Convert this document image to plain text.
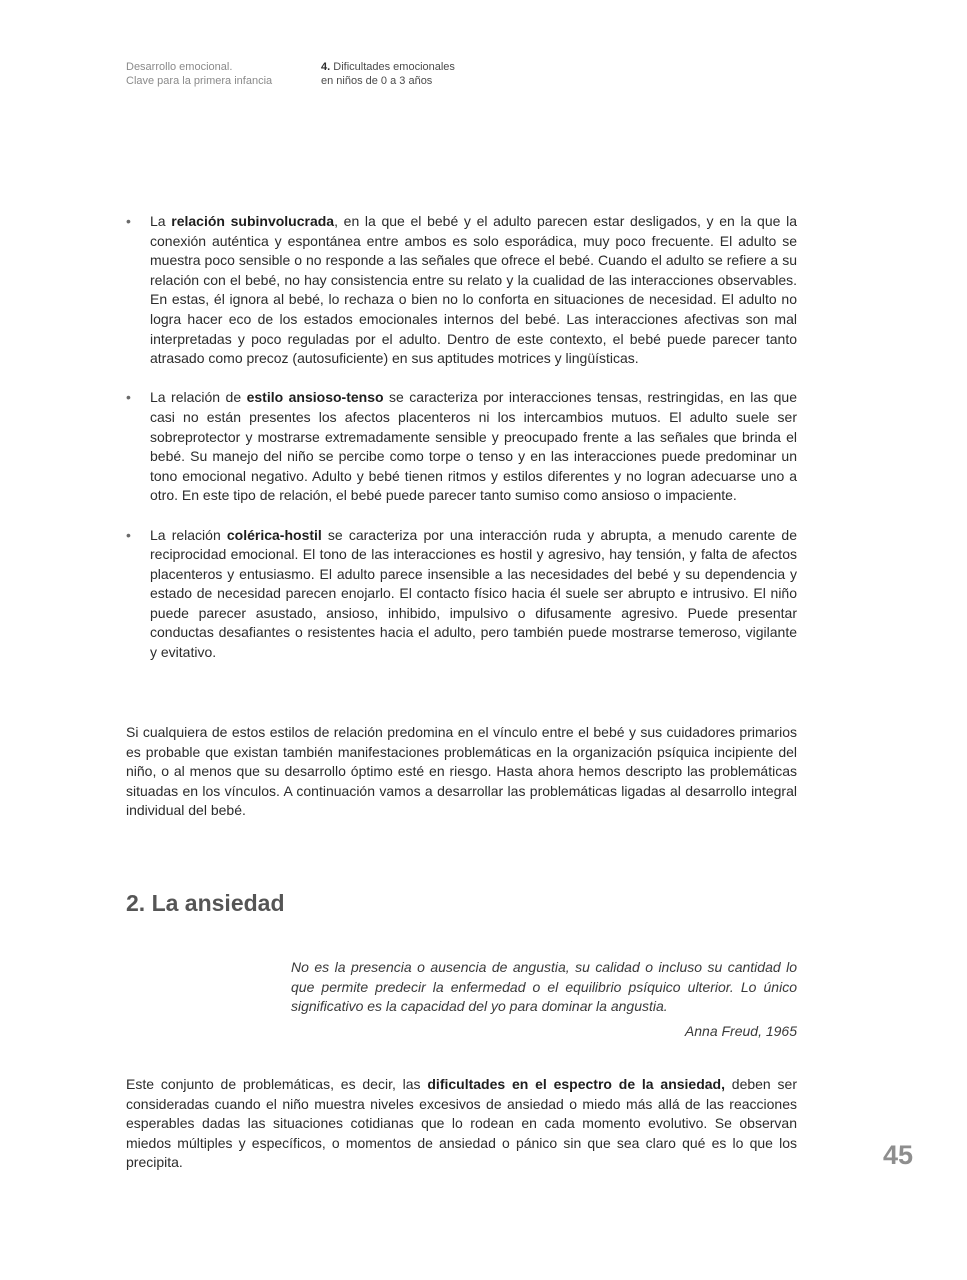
Desarrollo emocional.
Clave para la primera infancia
4. Dificultades emocionales
en niños de 0 a 3 años
• La relación subinvolucrada, en la que el bebé y el adulto parecen estar desligados, y en la que la conexión auténtica y espontánea entre ambos es solo esporádica, muy poco frecuente. El adulto se muestra poco sensible o no responde a las señales que ofrece el bebé. Cuando el adulto se refiere a su relación con el bebé, no hay consistencia entre su relato y la cualidad de las interacciones observables. En estas, él ignora al bebé, lo rechaza o bien no lo conforta en situaciones de necesidad. El adulto no logra hacer eco de los estados emocionales internos del bebé. Las interacciones afectivas son mal interpretadas y poco reguladas por el adulto. Dentro de este contexto, el bebé puede parecer tanto atrasado como precoz (autosuficiente) en sus aptitudes motrices y lingüísticas.
• La relación de estilo ansioso-tenso se caracteriza por interacciones tensas, restringidas, en las que casi no están presentes los afectos placenteros ni los intercambios mutuos. El adulto suele ser sobreprotector y mostrarse extremadamente sensible y preocupado frente a las señales que brinda el bebé. Su manejo del niño se percibe como torpe o tenso y en las interacciones puede predominar un tono emocional negativo. Adulto y bebé tienen ritmos y estilos diferentes y no logran adecuarse uno a otro. En este tipo de relación, el bebé puede parecer tanto sumiso como ansioso o impaciente.
• La relación colérica-hostil se caracteriza por una interacción ruda y abrupta, a menudo carente de reciprocidad emocional. El tono de las interacciones es hostil y agresivo, hay tensión, y falta de afectos placenteros y entusiasmo. El adulto parece insensible a las necesidades del bebé y su dependencia y estado de necesidad parecen enojarlo. El contacto físico hacia él suele ser abrupto e intrusivo. El niño puede parecer asustado, ansioso, inhibido, impulsivo o difusamente agresivo. Puede presentar conductas desafiantes o resistentes hacia el adulto, pero también puede mostrarse temeroso, vigilante y evitativo.

Si cualquiera de estos estilos de relación predomina en el vínculo entre el bebé y sus cuidadores primarios es probable que existan también manifestaciones problemáticas en la organización psíquica incipiente del niño, o al menos que su desarrollo óptimo esté en riesgo. Hasta ahora hemos descripto las problemáticas situadas en los vínculos. A continuación vamos a desarrollar las problemáticas ligadas al desarrollo integral individual del bebé.

2. La ansiedad
No es la presencia o ausencia de angustia, su calidad o incluso su cantidad lo que permite predecir la enfermedad o el equilibrio psíquico ulterior. Lo único significativo es la capacidad del yo para dominar la angustia.
Anna Freud, 1965

Este conjunto de problemáticas, es decir, las dificultades en el espectro de la ansiedad, deben ser consideradas cuando el niño muestra niveles excesivos de ansiedad o miedo más allá de las reacciones esperables dadas las situaciones cotidianas que lo rodean en cada momento evolutivo. Se observan miedos múltiples y específicos, o momentos de ansiedad o pánico sin que sea claro qué es lo que los precipita.	45
